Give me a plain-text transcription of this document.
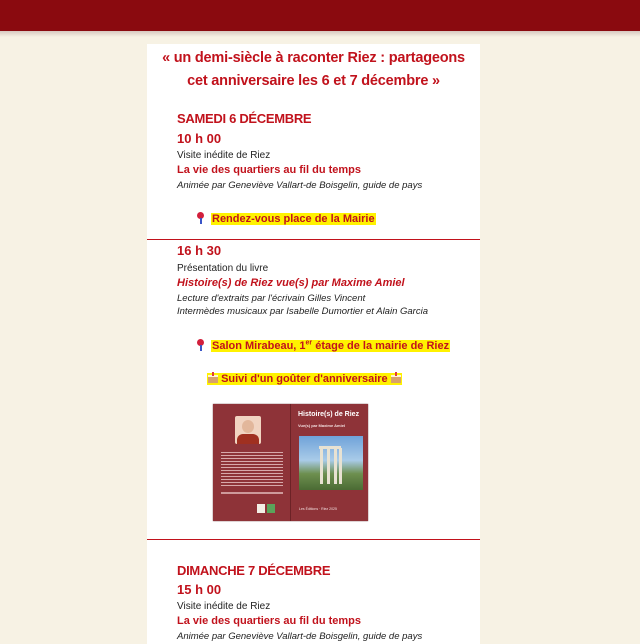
« un demi-siècle à raconter Riez : partageons
cet anniversaire les 6 et 7 décembre »
SAMEDI 6 DÉCEMBRE
10 h 00
Visite inédite de Riez
La vie des quartiers au fil du temps
Animée par Geneviève Vallart-de Boisgelin, guide de pays
Rendez-vous place de la Mairie
16 h 30
Présentation du livre
Histoire(s) de Riez vue(s) par Maxime Amiel
Lecture d'extraits par l'écrivain Gilles Vincent
Intermèdes musicaux par Isabelle Dumortier et Alain Garcia
Salon Mirabeau, 1er étage de la mairie de Riez
Suivi d'un goûter d'anniversaire
Histoire(s) de Riez
Vue(s) par Maxime Amiel
Les Éditions · Riez 2025
DIMANCHE 7 DÉCEMBRE
15 h 00
Visite inédite de Riez
La vie des quartiers au fil du temps
Animée par Geneviève Vallart-de Boisgelin, guide de pays
